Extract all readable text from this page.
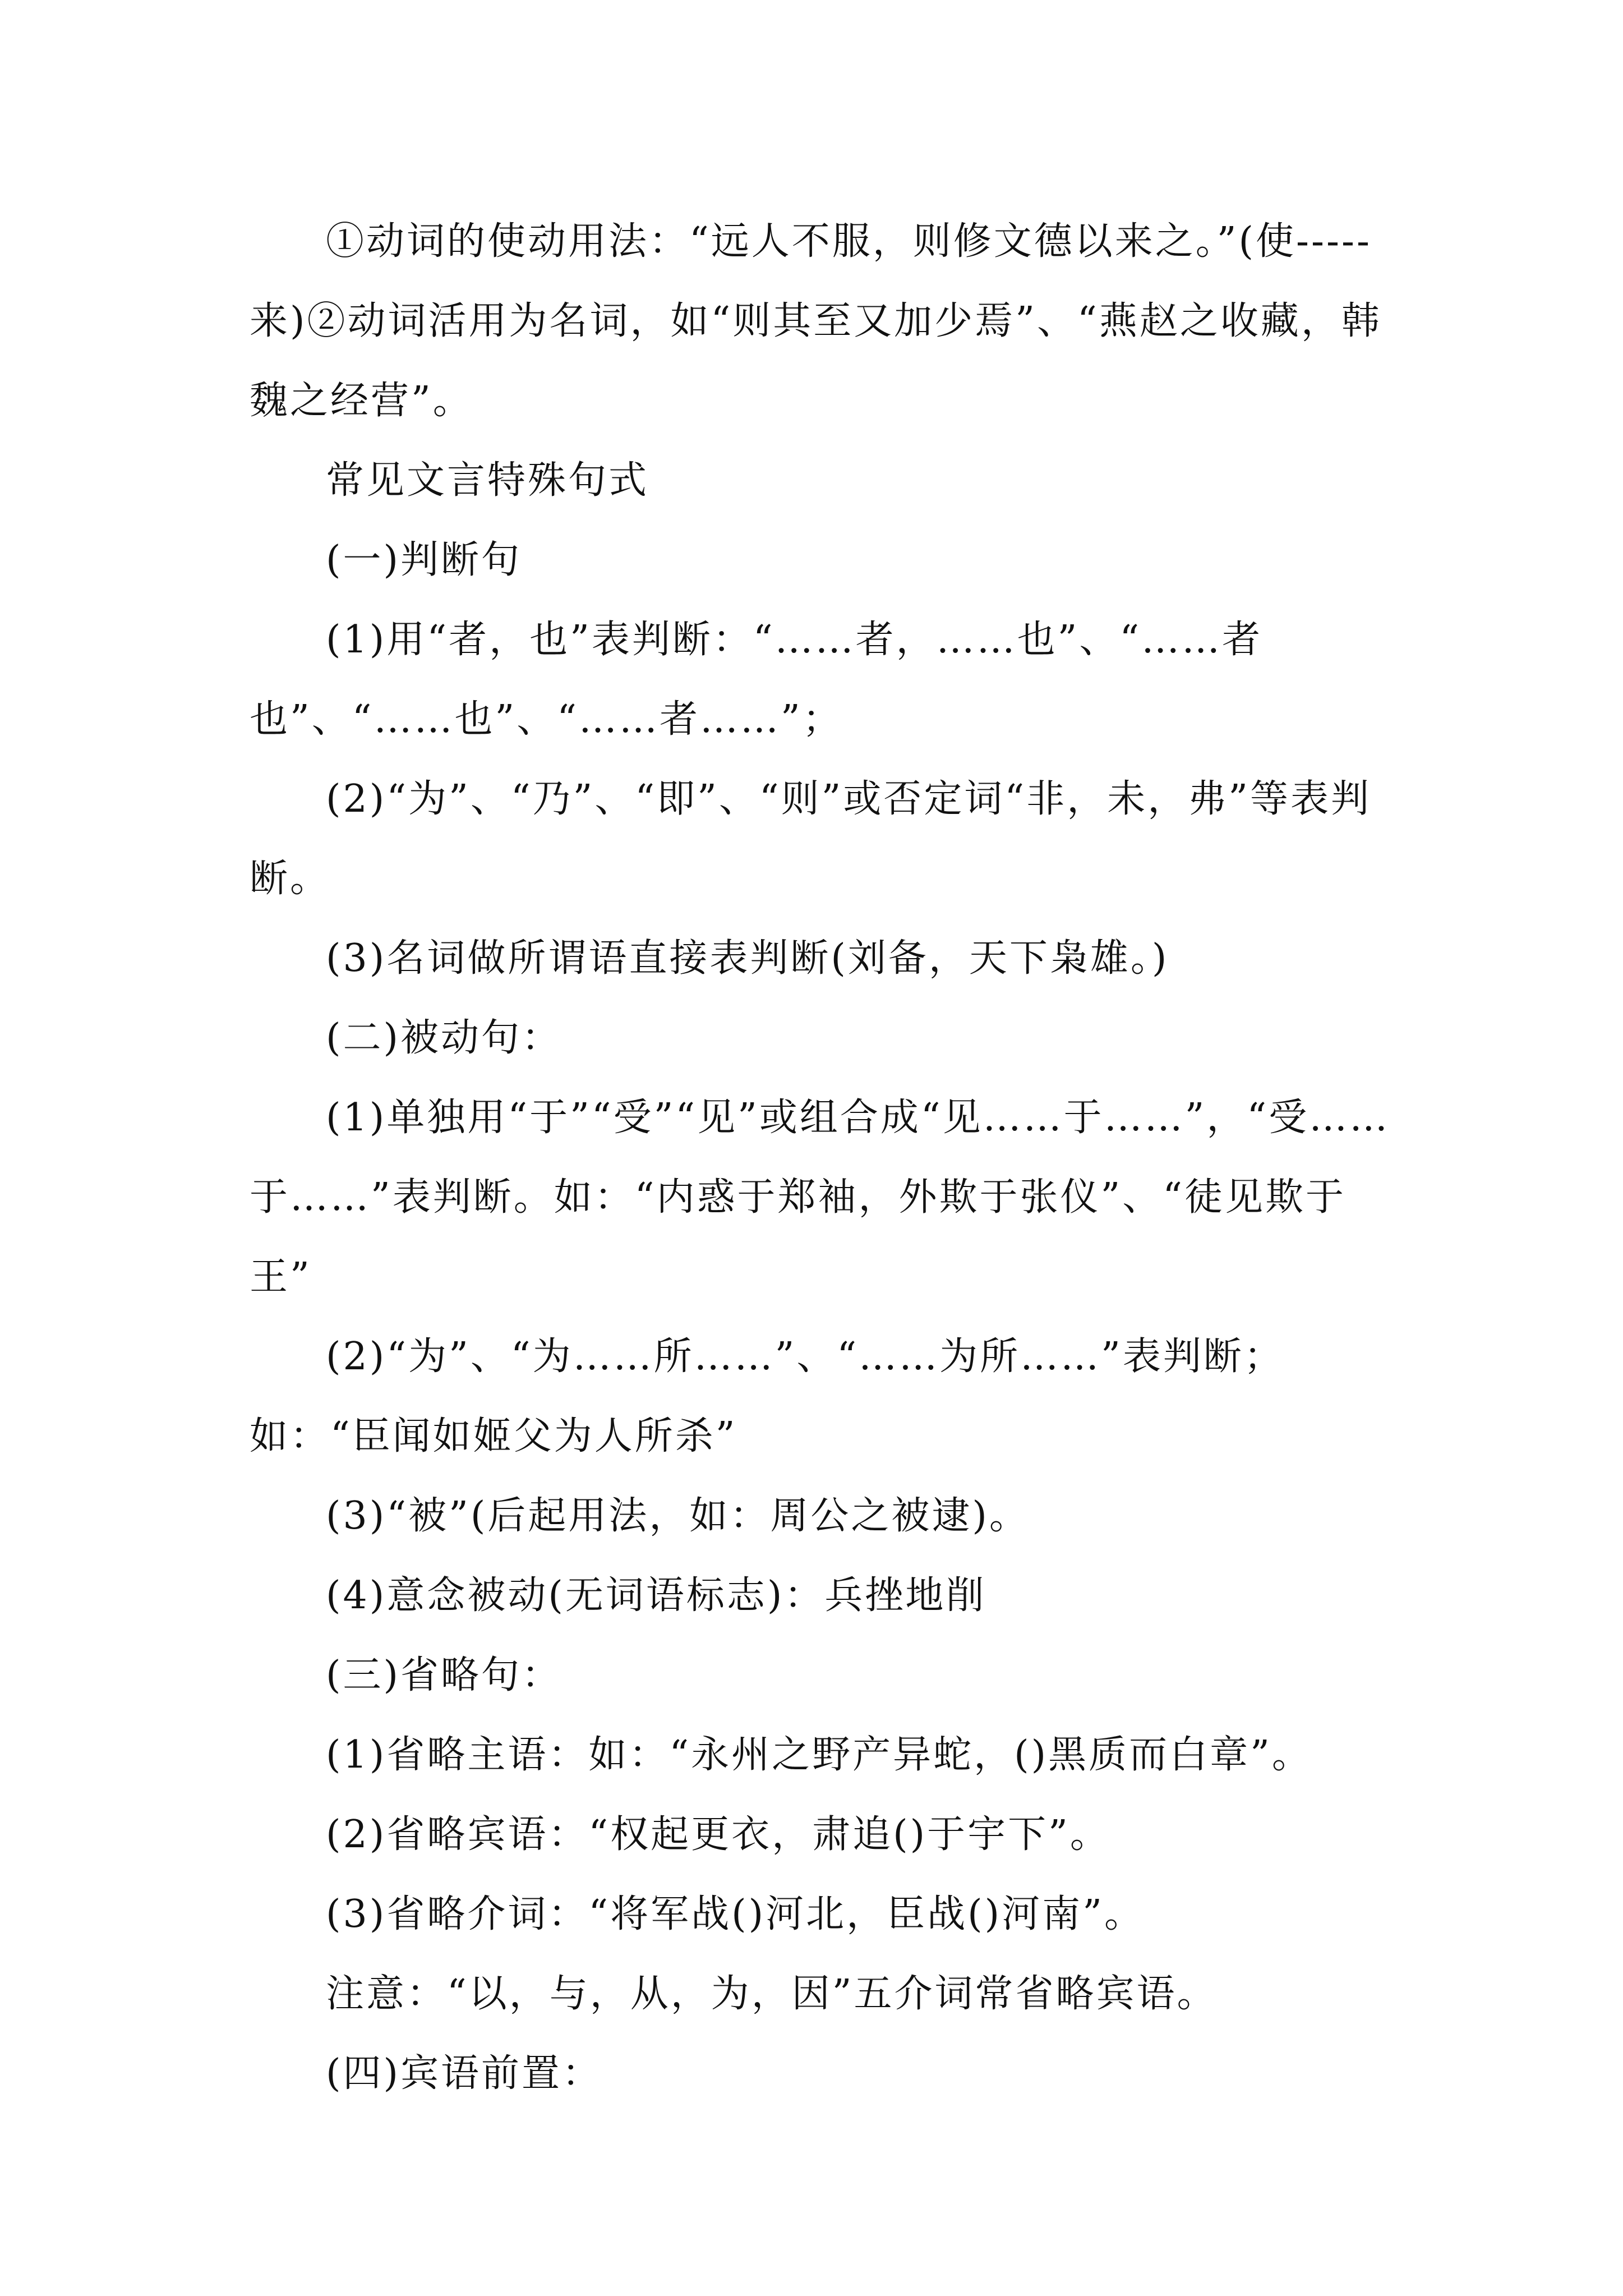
①动词的使动用法：“远人不服，则修文德以来之。”(使-----来)②动词活用为名词，如“则其至又加少焉”、“燕赵之收藏，韩魏之经营”。

常见文言特殊句式

(一)判断句

(1)用“者，也”表判断：“……者，……也”、“……者也”、“……也”、“……者……”；

(2)“为”、“乃”、“即”、“则”或否定词“非，未，弗”等表判断。

(3)名词做所谓语直接表判断(刘备，天下枭雄。)

(二)被动句：

(1)单独用“于”“受”“见”或组合成“见……于……”，“受……于……”表判断。如：“内惑于郑袖，外欺于张仪”、“徒见欺于王”

(2)“为”、“为……所……”、“……为所……”表判断；如：“臣闻如姬父为人所杀”

(3)“被”(后起用法，如：周公之被逮)。

(4)意念被动(无词语标志)：兵挫地削

(三)省略句：

(1)省略主语：如：“永州之野产异蛇，()黑质而白章”。

(2)省略宾语：“权起更衣，肃追()于宇下”。

(3)省略介词：“将军战()河北，臣战()河南”。

注意：“以，与，从，为，因”五介词常省略宾语。

(四)宾语前置：
